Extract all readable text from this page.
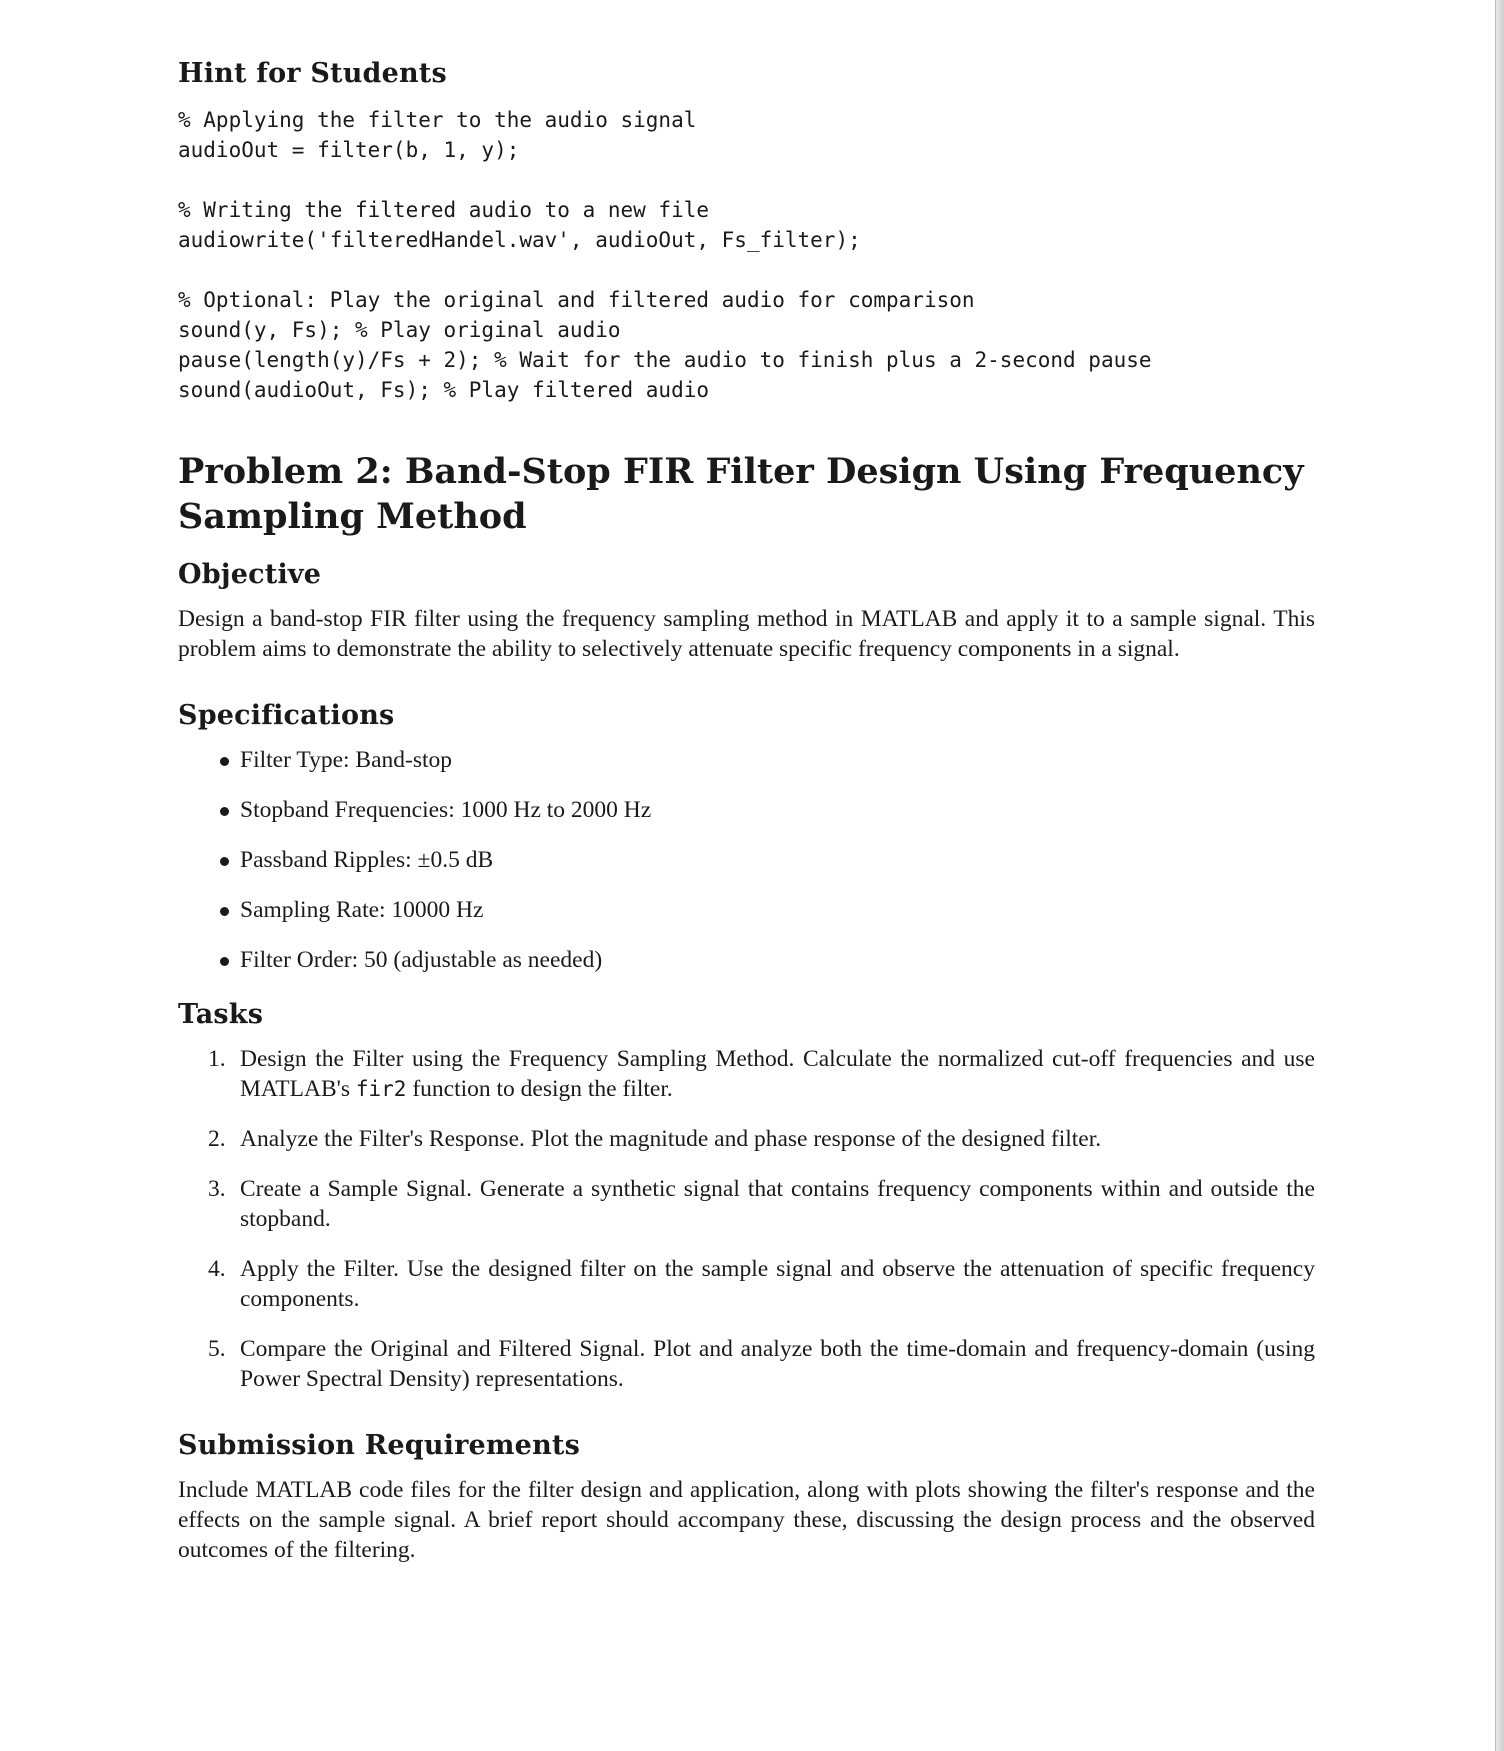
Hint for Students
% Applying the filter to the audio signal
audioOut = filter(b, 1, y);
% Writing the filtered audio to a new file
audiowrite('filteredHandel.wav', audioOut, Fs_filter);
% Optional: Play the original and filtered audio for comparison
sound(y, Fs); % Play original audio
pause(length(y)/Fs + 2); % Wait for the audio to finish plus a 2-second pause
sound(audioOut, Fs); % Play filtered audio
Problem 2: Band-Stop FIR Filter Design Using Frequency Sampling Method
Objective

Design a band-stop FIR filter using the frequency sampling method in MATLAB and apply it to a sample signal. This problem aims to demonstrate the ability to selectively attenuate specific frequency components in a signal.

Specifications
Filter Type: Band-stop
Stopband Frequencies: 1000 Hz to 2000 Hz
Passband Ripples: ±0.5 dB
Sampling Rate: 10000 Hz
Filter Order: 50 (adjustable as needed)
Tasks
1. Design the Filter using the Frequency Sampling Method. Calculate the normalized cut-off frequencies and use MATLAB's fir2 function to design the filter.
2. Analyze the Filter's Response. Plot the magnitude and phase response of the designed filter.
3. Create a Sample Signal. Generate a synthetic signal that contains frequency components within and outside the stopband.
4. Apply the Filter. Use the designed filter on the sample signal and observe the attenuation of specific frequency components.
5. Compare the Original and Filtered Signal. Plot and analyze both the time-domain and frequency-domain (using Power Spectral Density) representations.
Submission Requirements

Include MATLAB code files for the filter design and application, along with plots showing the filter's response and the effects on the sample signal. A brief report should accompany these, discussing the design process and the observed outcomes of the filtering.
